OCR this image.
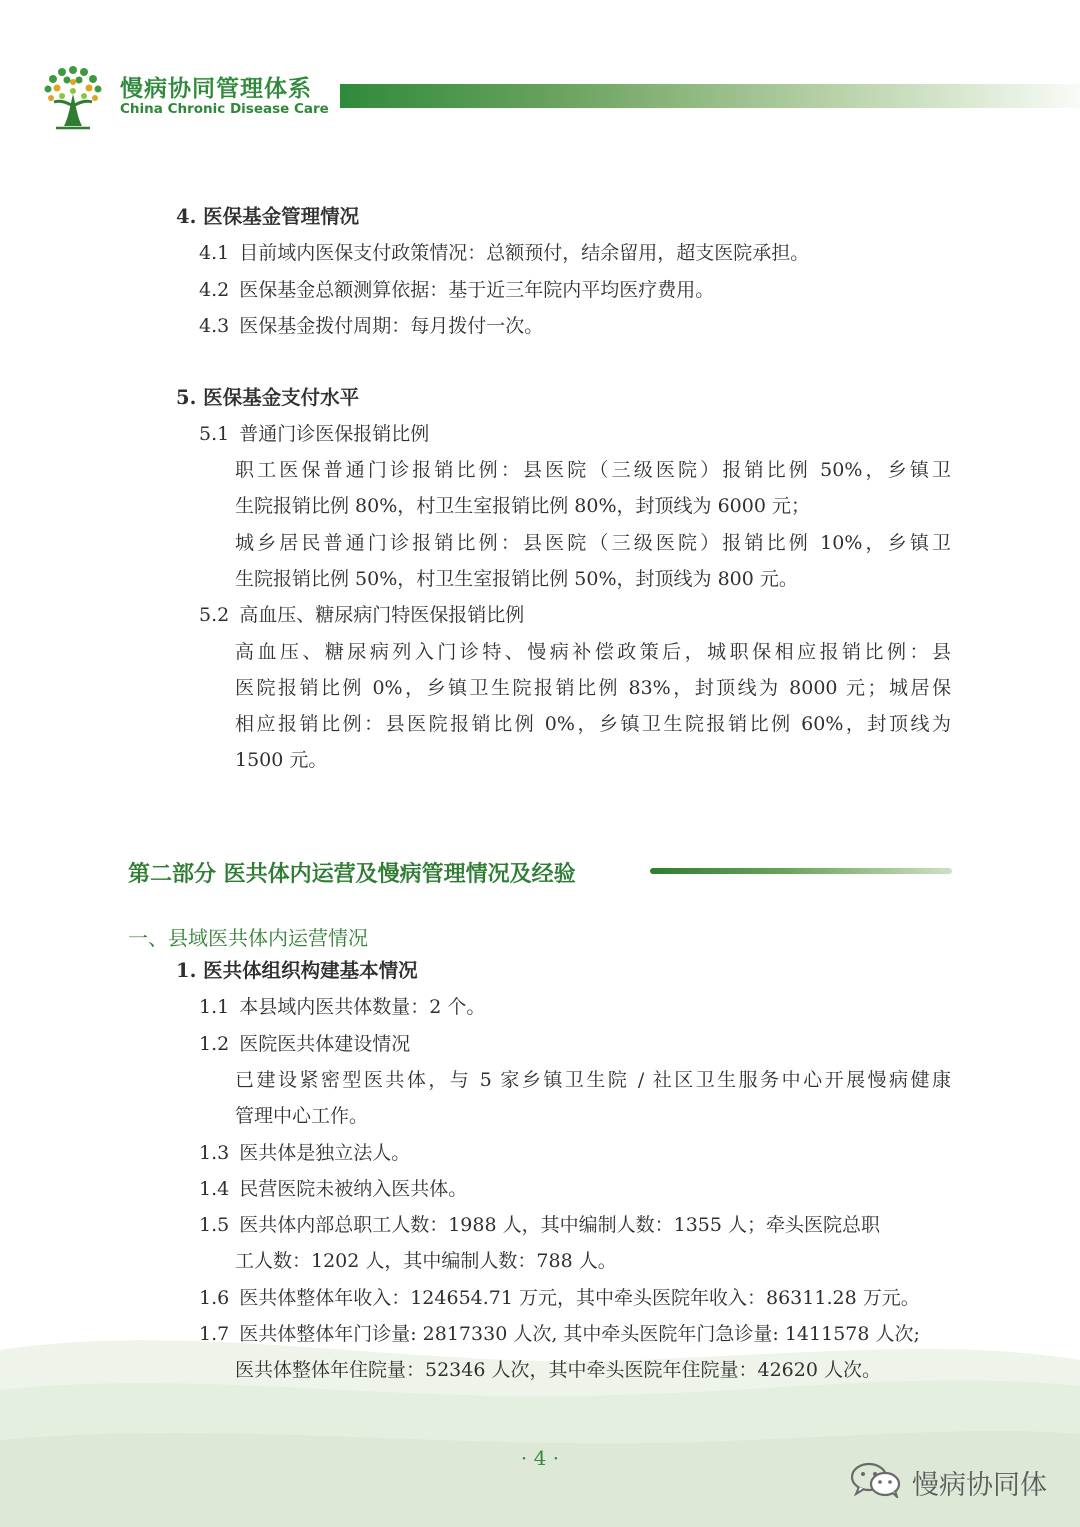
慢病协同管理体系
China Chronic Disease Care
4. 医保基金管理情况
4.1 目前域内医保支付政策情况：总额预付，结余留用，超支医院承担。
4.2 医保基金总额测算依据：基于近三年院内平均医疗费用。
4.3 医保基金拨付周期：每月拨付一次。
5. 医保基金支付水平
5.1 普通门诊医保报销比例
职工医保普通门诊报销比例：县医院（三级医院）报销比例 50%，乡镇卫
生院报销比例 80%，村卫生室报销比例 80%，封顶线为 6000 元；
城乡居民普通门诊报销比例：县医院（三级医院）报销比例 10%，乡镇卫
生院报销比例 50%，村卫生室报销比例 50%，封顶线为 800 元。
5.2 高血压、糖尿病门特医保报销比例
高血压、糖尿病列入门诊特、慢病补偿政策后，城职保相应报销比例：县
医院报销比例 0%，乡镇卫生院报销比例 83%，封顶线为 8000 元；城居保
相应报销比例：县医院报销比例 0%，乡镇卫生院报销比例 60%，封顶线为
1500 元。
第二部分 医共体内运营及慢病管理情况及经验
一、县域医共体内运营情况
1. 医共体组织构建基本情况
1.1 本县域内医共体数量：2 个。
1.2 医院医共体建设情况
已建设紧密型医共体，与 5 家乡镇卫生院 / 社区卫生服务中心开展慢病健康
管理中心工作。
1.3 医共体是独立法人。
1.4 民营医院未被纳入医共体。
1.5 医共体内部总职工人数：1988 人，其中编制人数：1355 人；牵头医院总职
工人数：1202 人，其中编制人数：788 人。
1.6 医共体整体年收入：124654.71 万元，其中牵头医院年收入：86311.28 万元。
1.7 医共体整体年门诊量: 2817330 人次, 其中牵头医院年门急诊量: 1411578 人次;
医共体整体年住院量：52346 人次，其中牵头医院年住院量：42620 人次。
· 4 ·
慢病协同体
